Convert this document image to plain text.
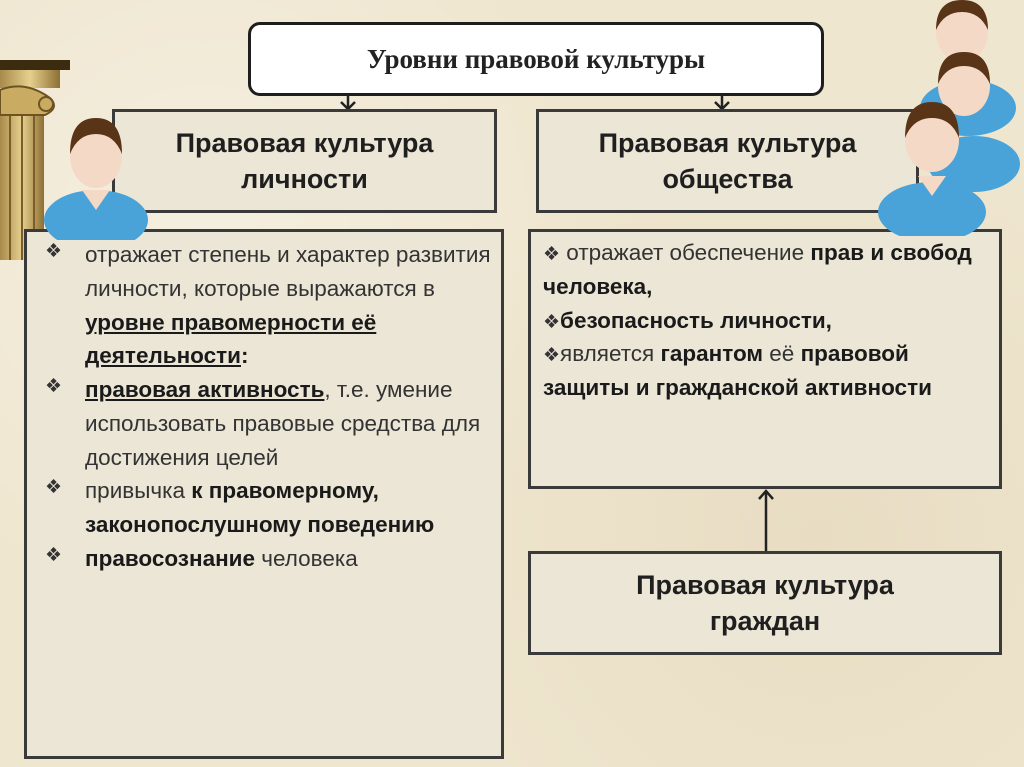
Уровни правовой культуры
Правовая культура
личности
Правовая культура
общества
❖ отражает степень и характер развития личности, которые выражаются в уровне правомерности её деятельности:
❖ правовая активность, т.е. умение использовать правовые средства для достижения целей
❖ привычка к правомерному, законопослушному поведению
❖ правосознание человека
❖ отражает обеспечение прав и свобод человека,
❖безопасность личности,
❖является гарантом её правовой защиты и гражданской активности
Правовая культура
граждан
